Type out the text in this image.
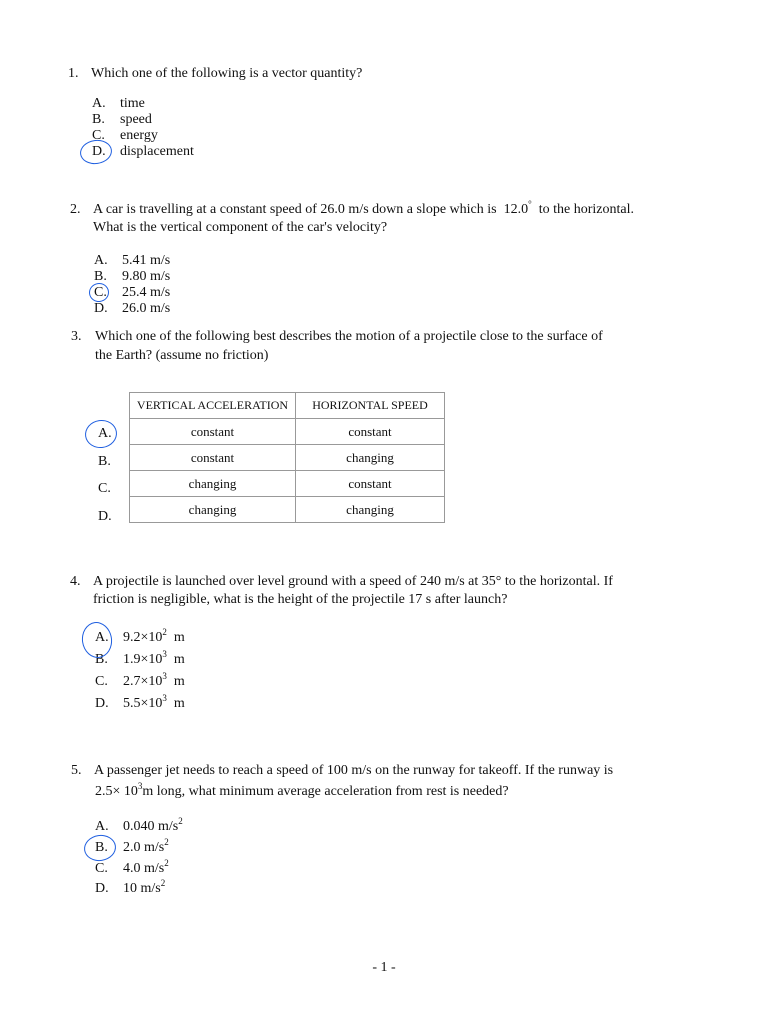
1. Which one of the following is a vector quantity?
A. time
B. speed
C. energy
D. displacement
2. A car is travelling at a constant speed of 26.0 m/s down a slope which is 12.0° to the horizontal.
What is the vertical component of the car's velocity?
A. 5.41 m/s
B. 9.80 m/s
C. 25.4 m/s
D. 26.0 m/s
3. Which one of the following best describes the motion of a projectile close to the surface of
the Earth? (assume no friction)
VERTICAL ACCELERATION	HORIZONTAL SPEED
constant	constant
constant	changing
changing	constant
changing	changing
A.
B.
C.
D.
4. A projectile is launched over level ground with a speed of 240 m/s at 35° to the horizontal. If
friction is negligible, what is the height of the projectile 17 s after launch?
A. $9.2\times 10^2$ m
B. $1.9\times 10^3$ m
C. $2.7\times 10^3$ m
D. $5.5\times 10^3$ m
5. A passenger jet needs to reach a speed of 100 m/s on the runway for takeoff. If the runway is
$2.5\times 10^3m$ long, what minimum average acceleration from rest is needed?
A. 0.040 $m/s^2$
B. 2.0 $m/s^2$
C. 4.0 $m/s^2$
D. 10 $m/s^2$
- 1 -
